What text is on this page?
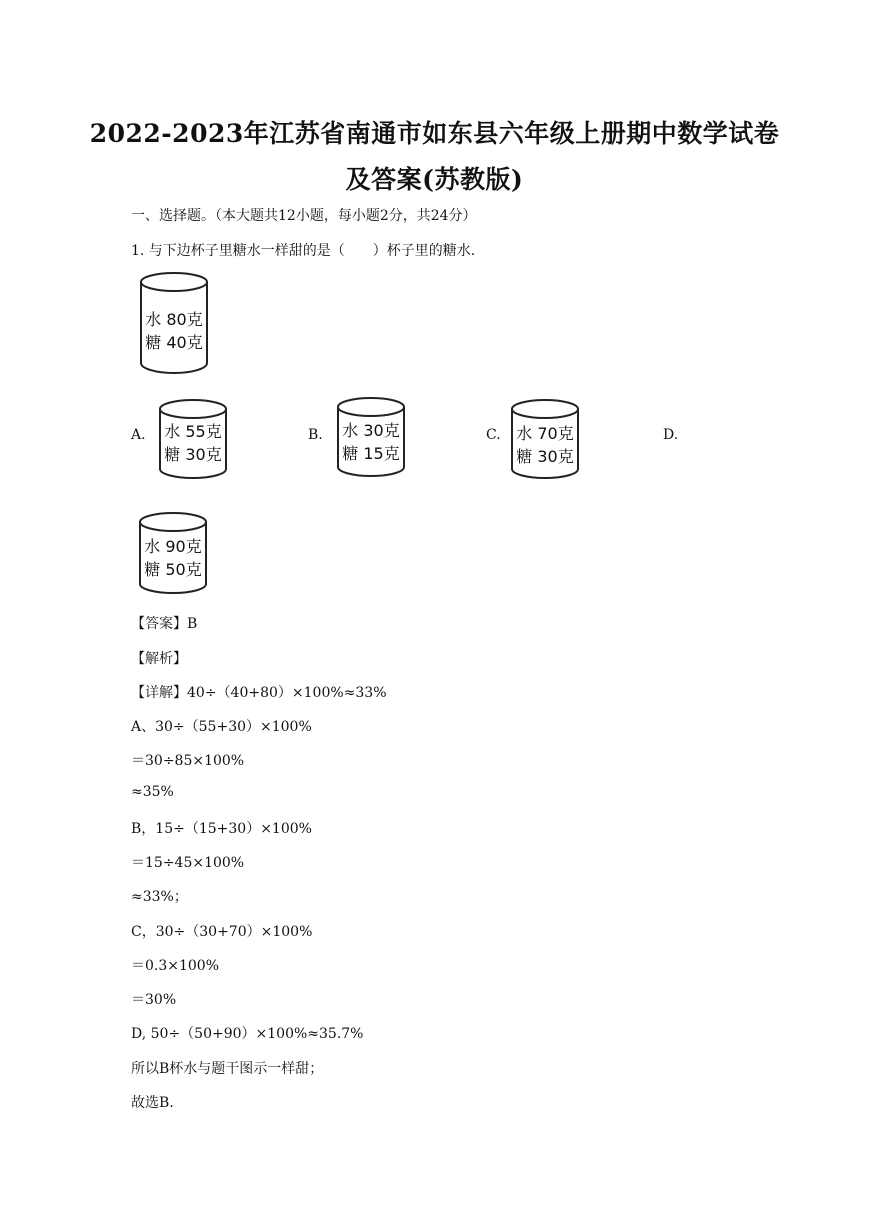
2022-2023年江苏省南通市如东县六年级上册期中数学试卷
及答案(苏教版)
一、选择题。（本大题共12小题，每小题2分，共24分）
1. 与下边杯子里糖水一样甜的是（　　）杯子里的糖水.
水 80克
糖 40克
A.	水 55克
糖 30克
B.	水 30克
糖 15克
C. 水 70克
糖 30克
D.
水 90克
糖 50克
【答案】B
【解析】
【详解】40÷（40+80）×100%≈33%
A、30÷（55+30）×100%
＝30÷85×100%
≈35%
B，15÷（15+30）×100%
＝15÷45×100%
≈33%；
C，30÷（30+70）×100%
＝0.3×100%
＝30%
D, 50÷（50+90）×100%≈35.7%
所以B杯水与题干图示一样甜；
故选B.
